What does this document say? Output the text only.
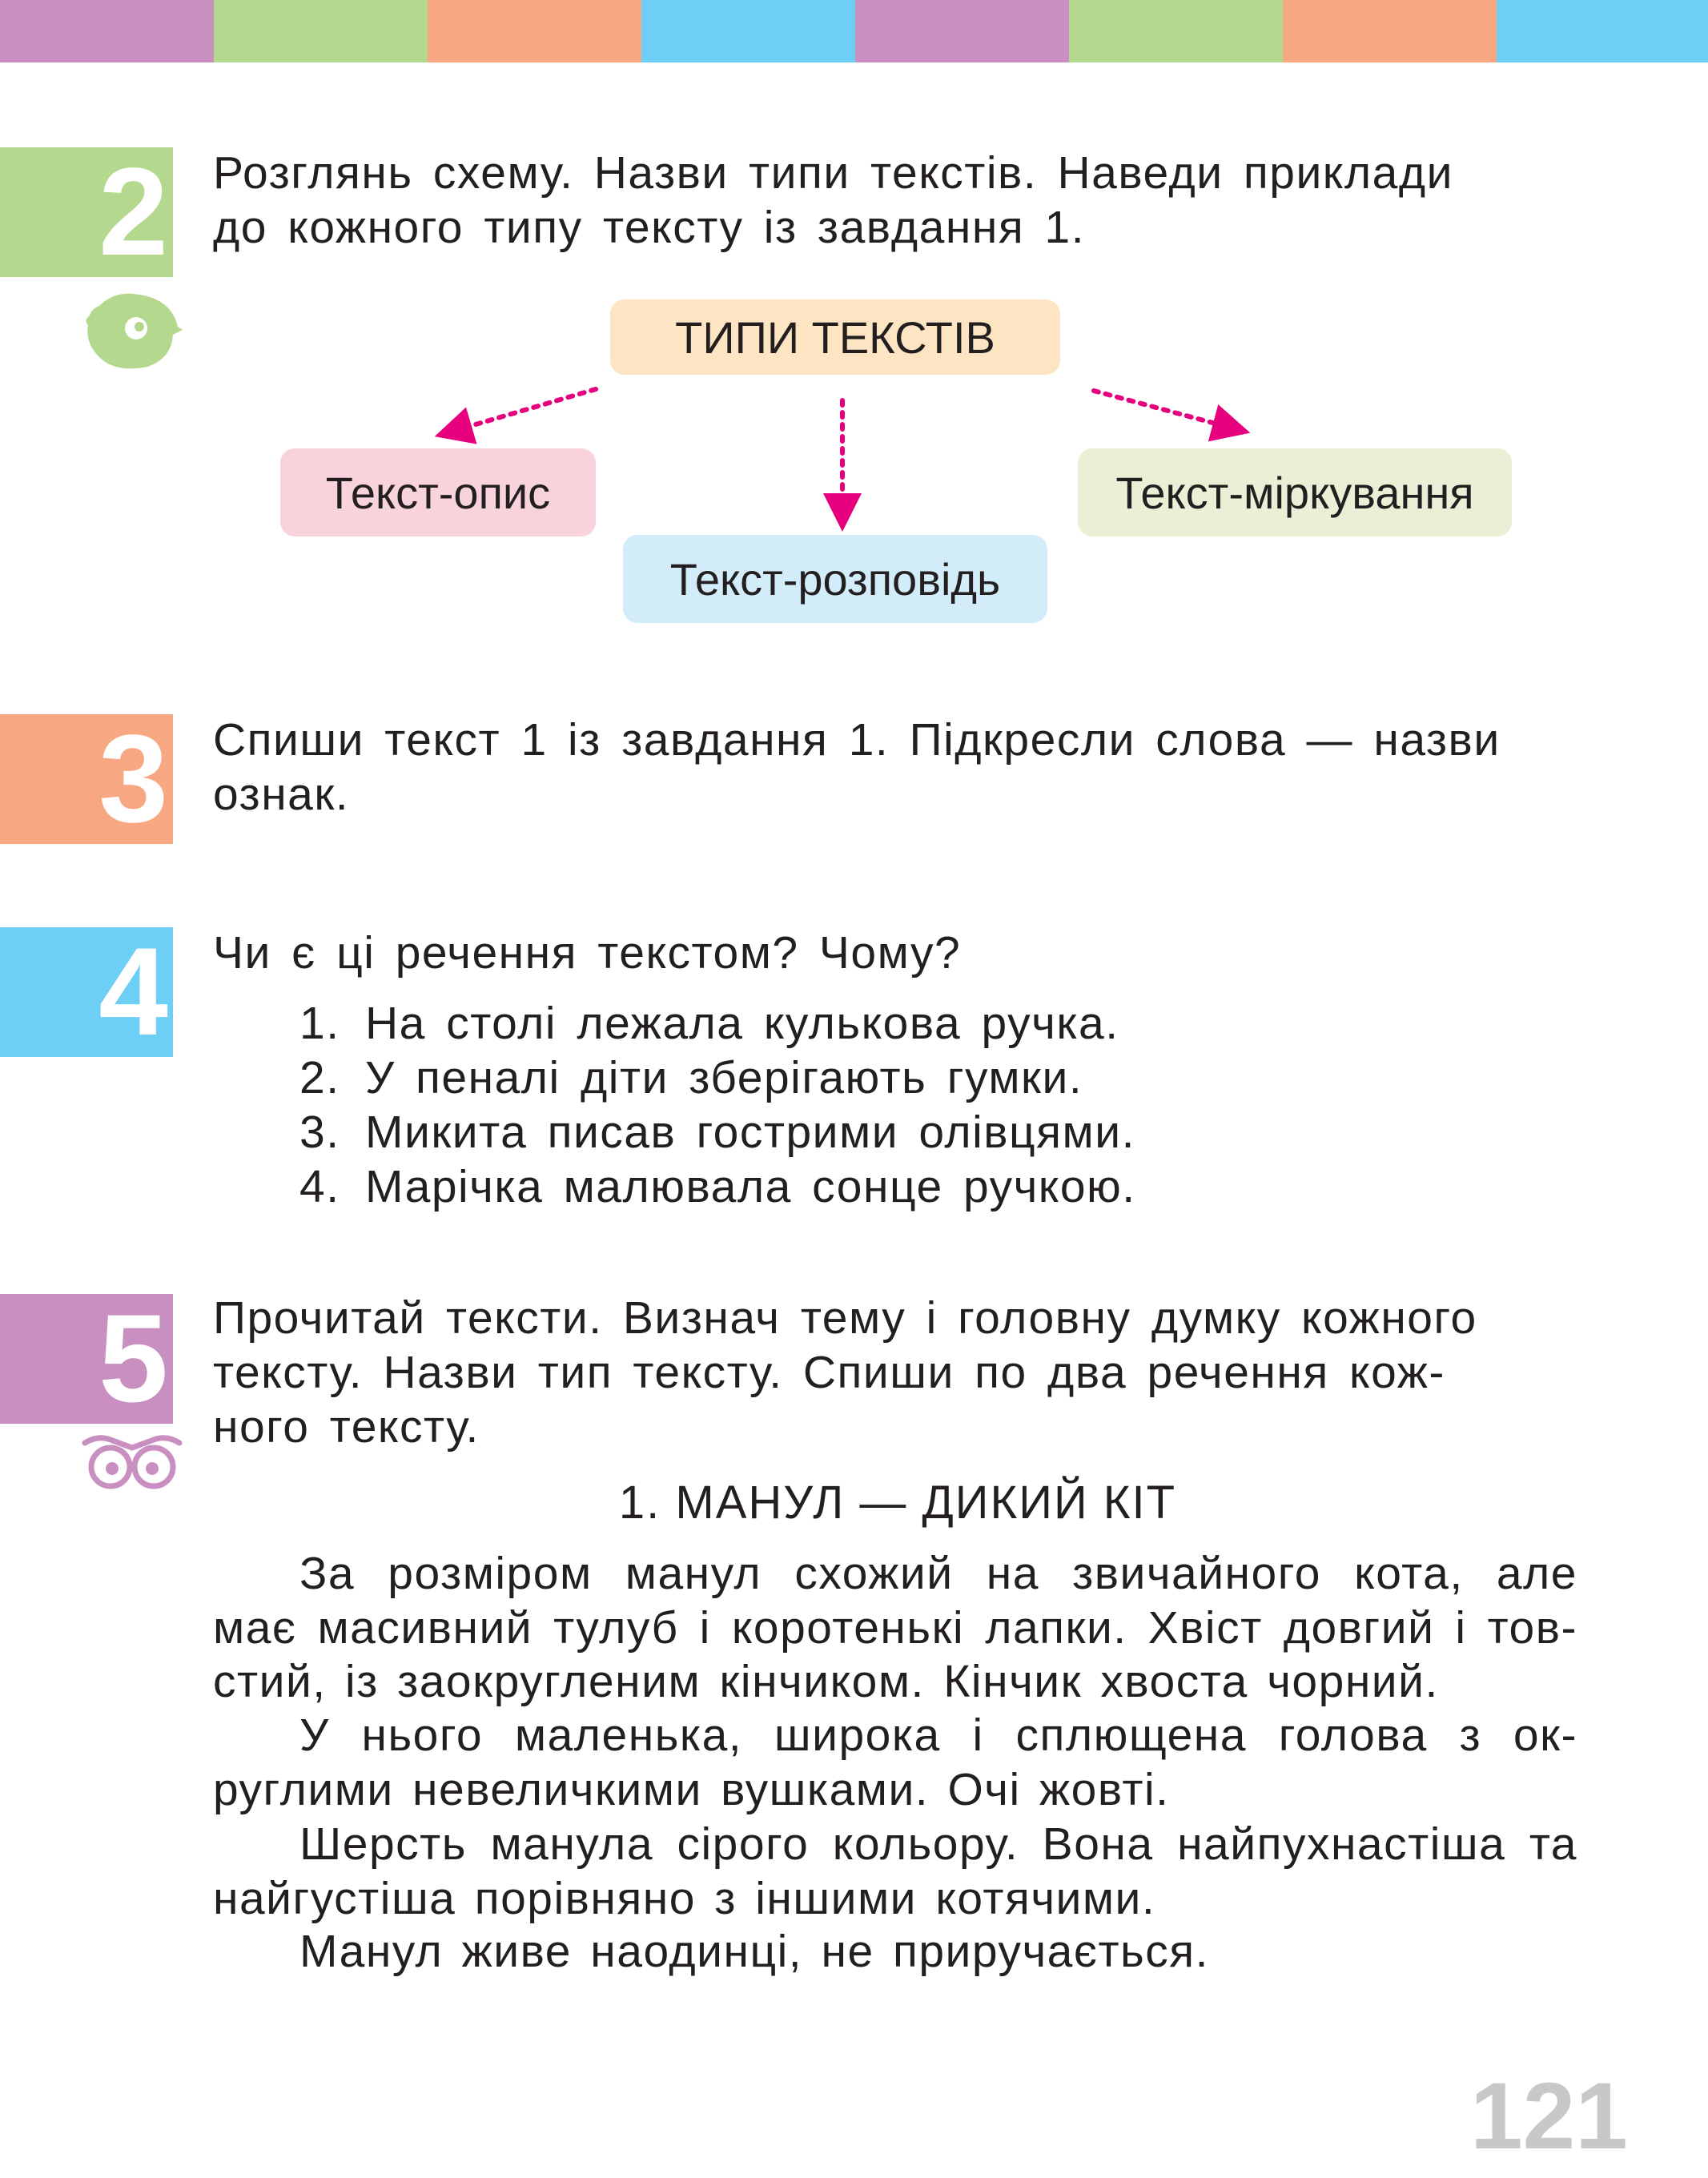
2 Розглянь схему. Назви типи текстів. Наведи приклади
до кожного типу тексту із завдання 1.
ТИПИ ТЕКСТІВ
Текст-опис
Текст-розповідь
Текст-міркування
3 Спиши текст 1 із завдання 1. Підкресли слова — назви
ознак.
4 Чи є ці речення текстом? Чому?
1. На столі лежала кулькова ручка.
2. У пеналі діти зберігають гумки.
3. Микита писав гострими олівцями.
4. Марічка малювала сонце ручкою.
5 Прочитай тексти. Визнач тему і головну думку кожного
тексту. Назви тип тексту. Спиши по два речення кож-
ного тексту.
1. МАНУЛ — ДИКИЙ КІТ
За розміром манул схожий на звичайного кота, але має масивний тулуб і коротенькі лапки. Хвіст довгий і тов-стий, із заокругленим кінчиком. Кінчик хвоста чорний.
У нього маленька, широка і сплющена голова з ок-руглими невеличкими вушками. Очі жовті.
Шерсть манула сірого кольору. Вона найпухнастіша та найгустіша порівняно з іншими котячими.
Манул живе наодинці, не приручається.
121
